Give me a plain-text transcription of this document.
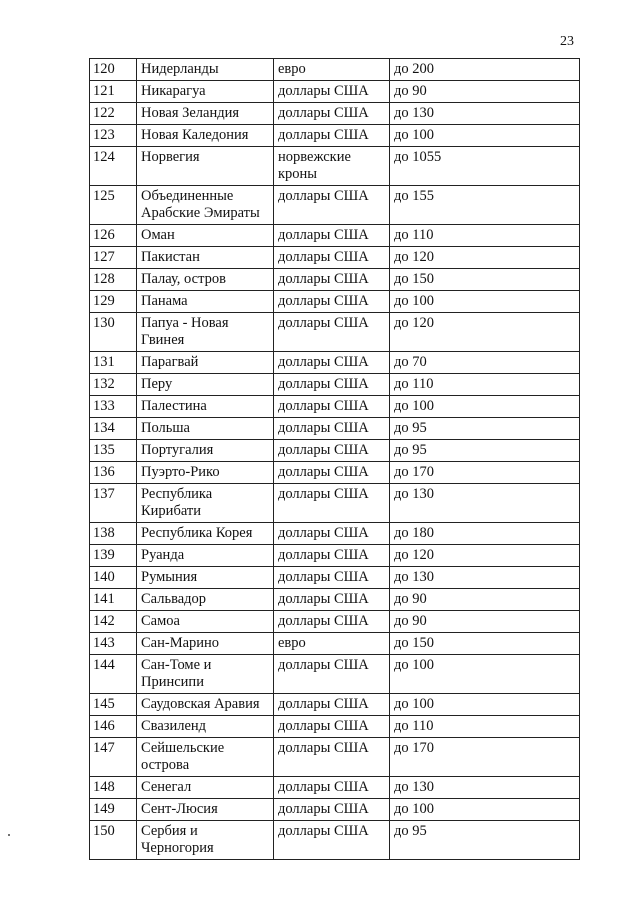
23
120	Нидерланды	евро	до 200
121	Никарагуа	доллары США	до 90
122	Новая Зеландия	доллары США	до 130
123	Новая Каледония	доллары США	до 100
124	Норвегия	норвежские кроны	до 1055
125	Объединенные Арабские Эмираты	доллары США	до 155
126	Оман	доллары США	до 110
127	Пакистан	доллары США	до 120
128	Палау, остров	доллары США	до 150
129	Панама	доллары США	до 100
130	Папуа - Новая Гвинея	доллары США	до 120
131	Парагвай	доллары США	до 70
132	Перу	доллары США	до 110
133	Палестина	доллары США	до 100
134	Польша	доллары США	до 95
135	Португалия	доллары США	до 95
136	Пуэрто-Рико	доллары США	до 170
137	Республика Кирибати	доллары США	до 130
138	Республика Корея	доллары США	до 180
139	Руанда	доллары США	до 120
140	Румыния	доллары США	до 130
141	Сальвадор	доллары США	до 90
142	Самоа	доллары США	до 90
143	Сан-Марино	евро	до 150
144	Сан-Томе и Принсипи	доллары США	до 100
145	Саудовская Аравия	доллары США	до 100
146	Свазиленд	доллары США	до 110
147	Сейшельские острова	доллары США	до 170
148	Сенегал	доллары США	до 130
149	Сент-Люсия	доллары США	до 100
150	Сербия и Черногория	доллары США	до 95
